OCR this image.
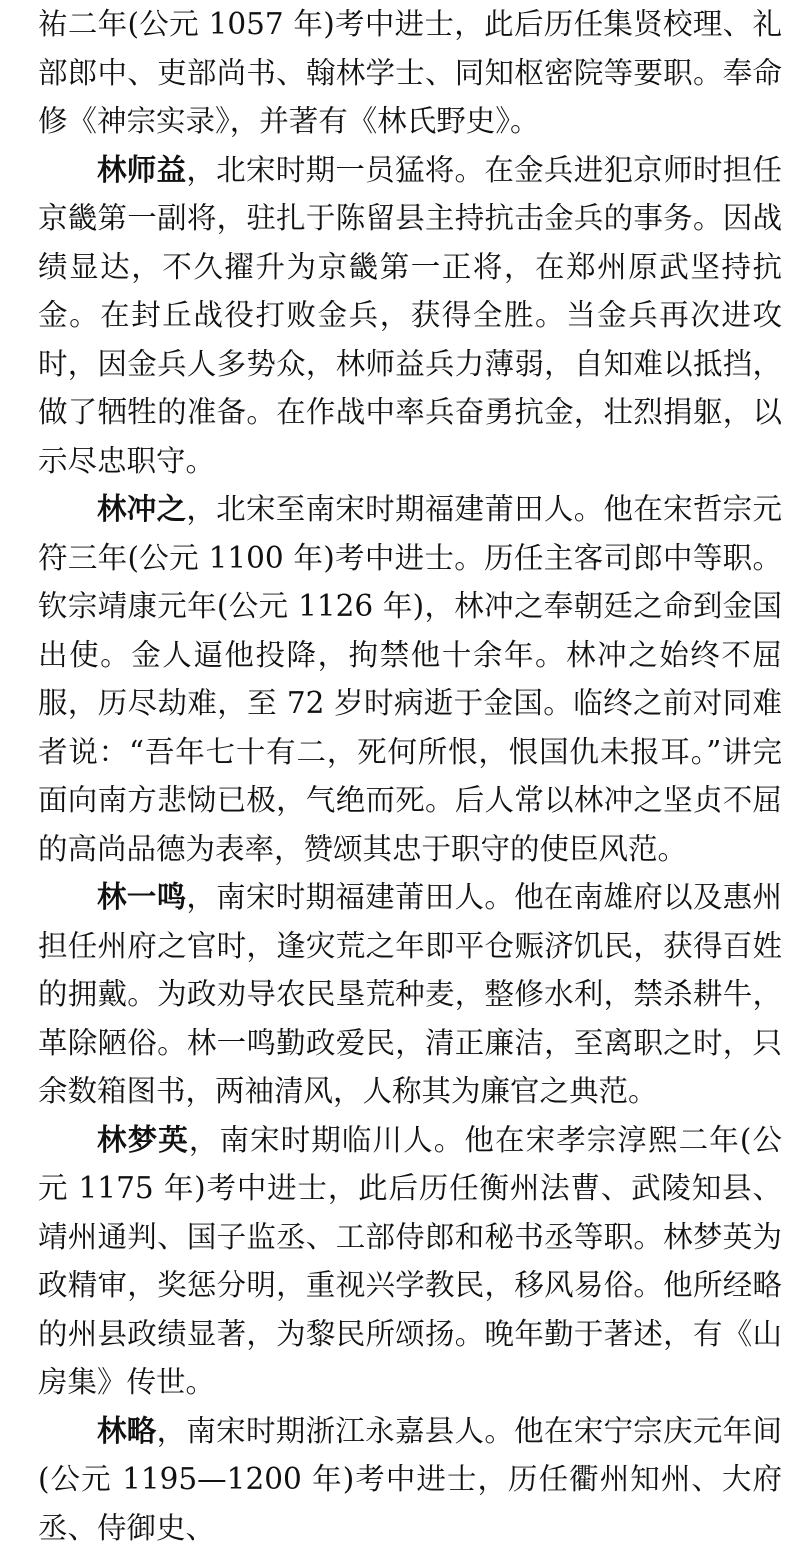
祐二年(公元 1057 年)考中进士，此后历任集贤校理、礼部郎中、吏部尚书、翰林学士、同知枢密院等要职。奉命修《神宗实录》，并著有《林氏野史》。

林师益，北宋时期一员猛将。在金兵进犯京师时担任京畿第一副将，驻扎于陈留县主持抗击金兵的事务。因战绩显达，不久擢升为京畿第一正将，在郑州原武坚持抗金。在封丘战役打败金兵，获得全胜。当金兵再次进攻时，因金兵人多势众，林师益兵力薄弱，自知难以抵挡，做了牺牲的准备。在作战中率兵奋勇抗金，壮烈捐躯，以示尽忠职守。

林冲之，北宋至南宋时期福建莆田人。他在宋哲宗元符三年(公元 1100 年)考中进士。历任主客司郎中等职。钦宗靖康元年(公元 1126 年)，林冲之奉朝廷之命到金国出使。金人逼他投降，拘禁他十余年。林冲之始终不屈服，历尽劫难，至 72 岁时病逝于金国。临终之前对同难者说：“吾年七十有二，死何所恨，恨国仇未报耳。”讲完面向南方悲恸已极，气绝而死。后人常以林冲之坚贞不屈的高尚品德为表率，赞颂其忠于职守的使臣风范。

林一鸣，南宋时期福建莆田人。他在南雄府以及惠州担任州府之官时，逢灾荒之年即平仓赈济饥民，获得百姓的拥戴。为政劝导农民垦荒种麦，整修水利，禁杀耕牛，革除陋俗。林一鸣勤政爱民，清正廉洁，至离职之时，只余数箱图书，两袖清风，人称其为廉官之典范。

林梦英，南宋时期临川人。他在宋孝宗淳熙二年(公元 1175 年)考中进士，此后历任衡州法曹、武陵知县、靖州通判、国子监丞、工部侍郎和秘书丞等职。林梦英为政精审，奖惩分明，重视兴学教民，移风易俗。他所经略的州县政绩显著，为黎民所颂扬。晚年勤于著述，有《山房集》传世。

林略，南宋时期浙江永嘉县人。他在宋宁宗庆元年间(公元 1195—1200 年)考中进士，历任衢州知州、大府丞、侍御史、
